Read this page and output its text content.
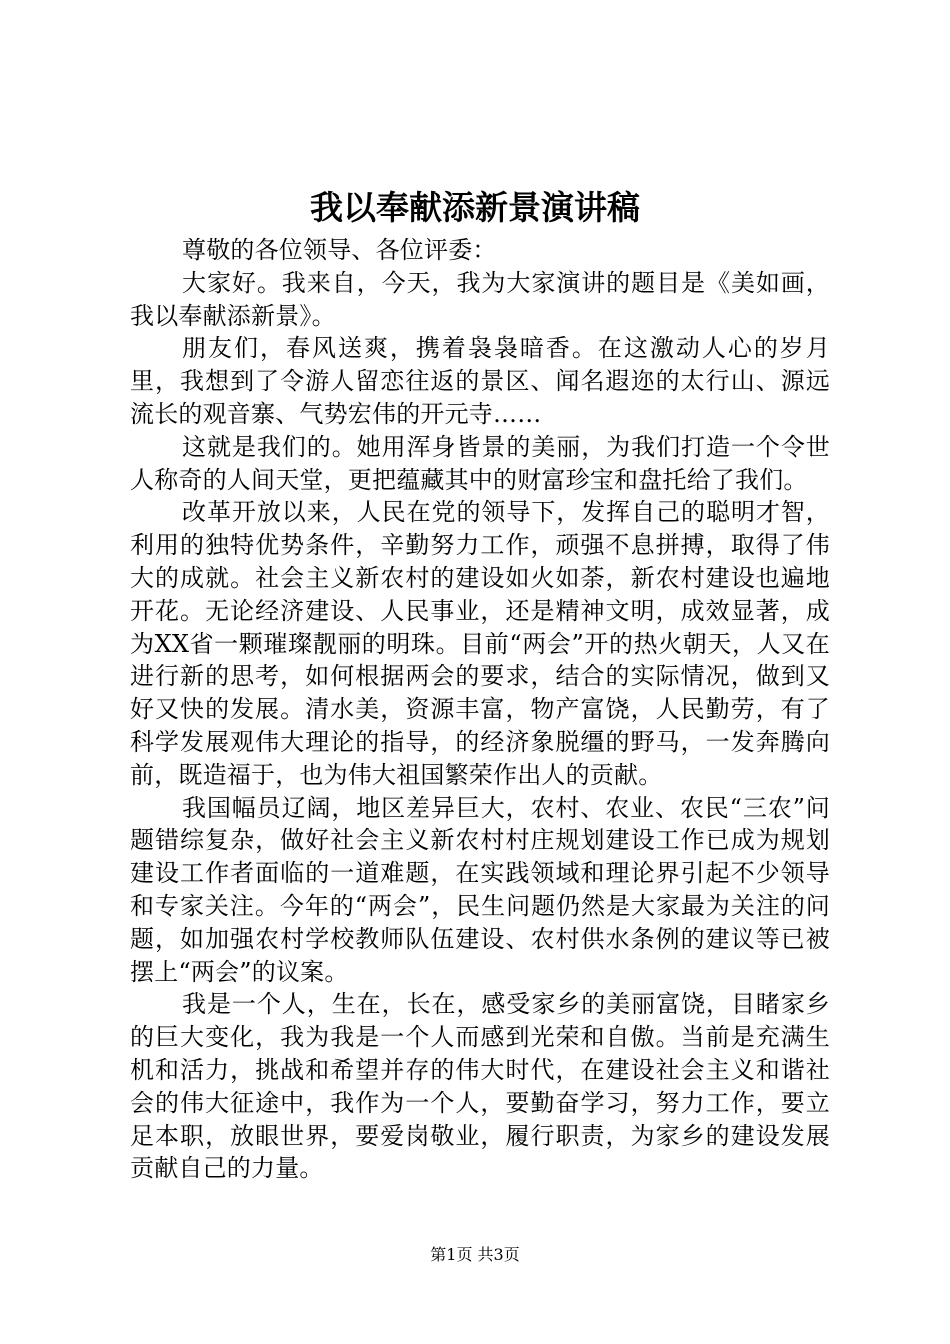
我以奉献添新景演讲稿

尊敬的各位领导、各位评委：

大家好。我来自，今天，我为大家演讲的题目是《美如画，我以奉献添新景》。

朋友们，春风送爽，携着袅袅暗香。在这激动人心的岁月里，我想到了令游人留恋往返的景区、闻名遐迩的太行山、源远流长的观音寨、气势宏伟的开元寺……

这就是我们的。她用浑身皆景的美丽，为我们打造一个令世人称奇的人间天堂，更把蕴藏其中的财富珍宝和盘托给了我们。

改革开放以来，人民在党的领导下，发挥自己的聪明才智，利用的独特优势条件，辛勤努力工作，顽强不息拼搏，取得了伟大的成就。社会主义新农村的建设如火如荼，新农村建设也遍地开花。无论经济建设、人民事业，还是精神文明，成效显著，成为XX省一颗璀璨靓丽的明珠。目前“两会”开的热火朝天，人又在进行新的思考，如何根据两会的要求，结合的实际情况，做到又好又快的发展。清水美，资源丰富，物产富饶，人民勤劳，有了科学发展观伟大理论的指导，的经济象脱缰的野马，一发奔腾向前，既造福于，也为伟大祖国繁荣作出人的贡献。

我国幅员辽阔，地区差异巨大，农村、农业、农民“三农”问题错综复杂，做好社会主义新农村村庄规划建设工作已成为规划建设工作者面临的一道难题，在实践领域和理论界引起不少领导和专家关注。今年的“两会”，民生问题仍然是大家最为关注的问题，如加强农村学校教师队伍建设、农村供水条例的建议等已被摆上“两会”的议案。

我是一个人，生在，长在，感受家乡的美丽富饶，目睹家乡的巨大变化，我为我是一个人而感到光荣和自傲。当前是充满生机和活力，挑战和希望并存的伟大时代，在建设社会主义和谐社会的伟大征途中，我作为一个人，要勤奋学习，努力工作，要立足本职，放眼世界，要爱岗敬业，履行职责，为家乡的建设发展贡献自己的力量。

第1页 共3页
